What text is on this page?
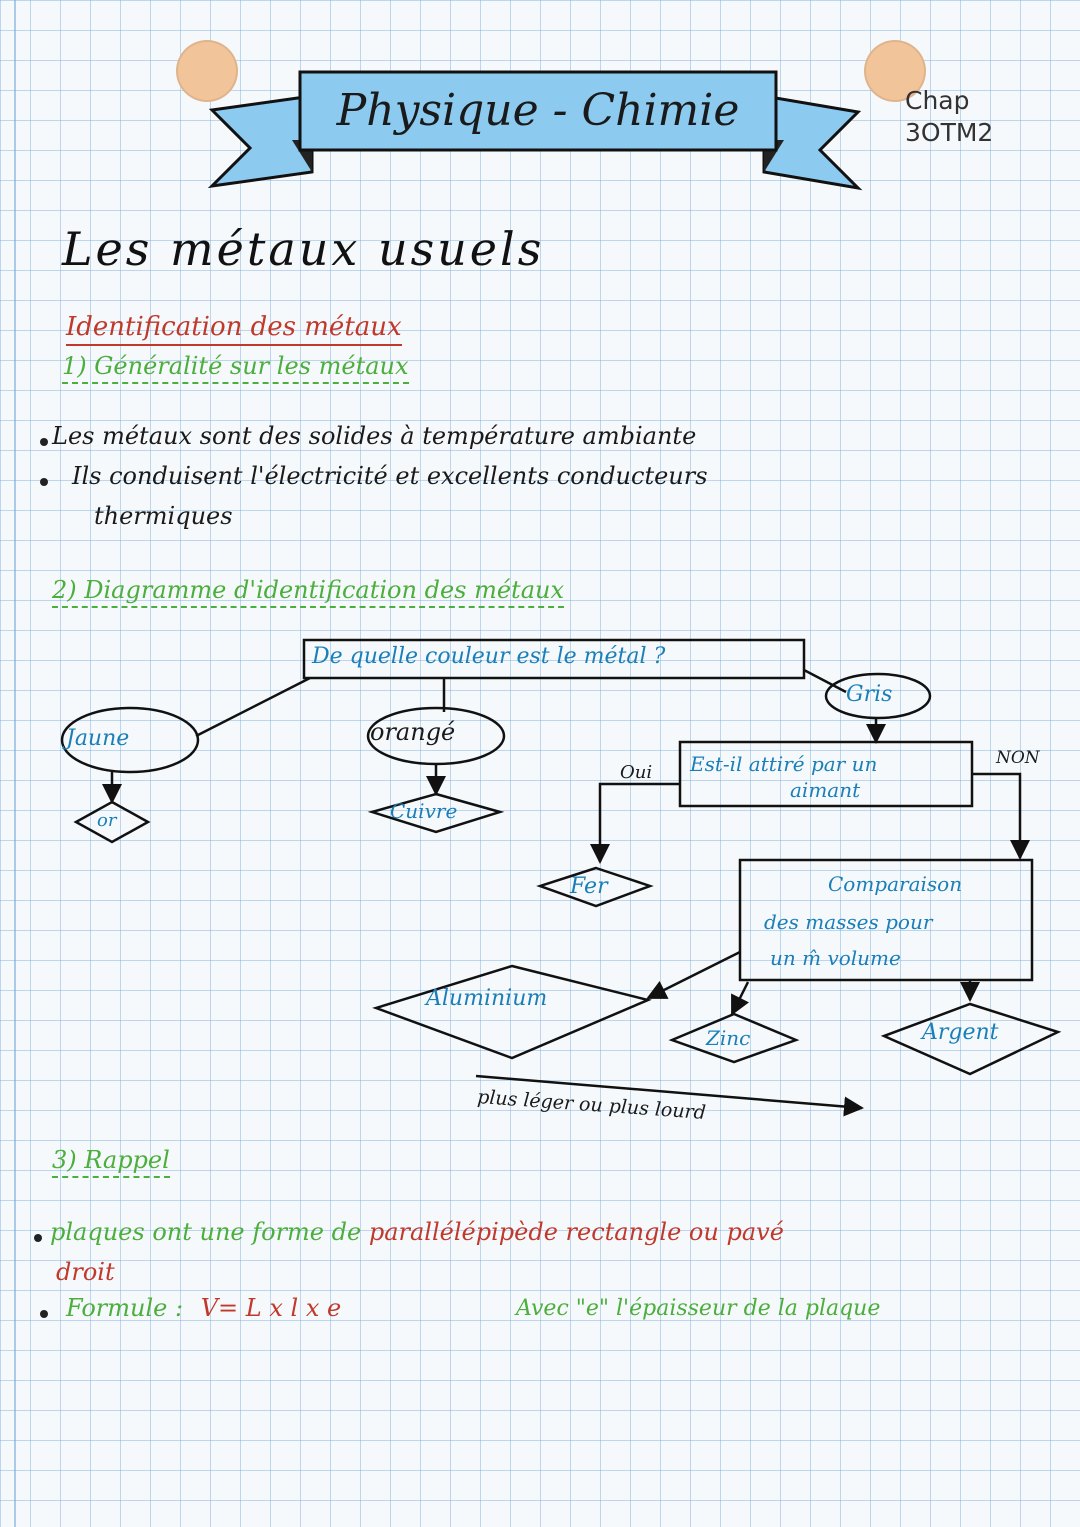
Physique - Chimie	Chap
3OTM2
Les métaux usuels
Identification des métaux
1) Généralité sur les métaux
Les métaux sont des solides à température ambiante
Ils conduisent l'électricité et excellents conducteurs
thermiques
2) Diagramme d'identification des métaux
Jaune	orangé
Gris
De quelle couleur est le métal ?
or	Cuivre
Oui
NON
Est-il attiré par un
aimant
Fer	Comparaison
des masses pour
un m̂ volume
Aluminium
Zinc	Argent
plus léger ou plus lourd
3) Rappel
plaques ont une forme de parallélépipède rectangle ou pavé
droit
Formule : V= L x l x e	Avec "e" l'épaisseur de la plaque
